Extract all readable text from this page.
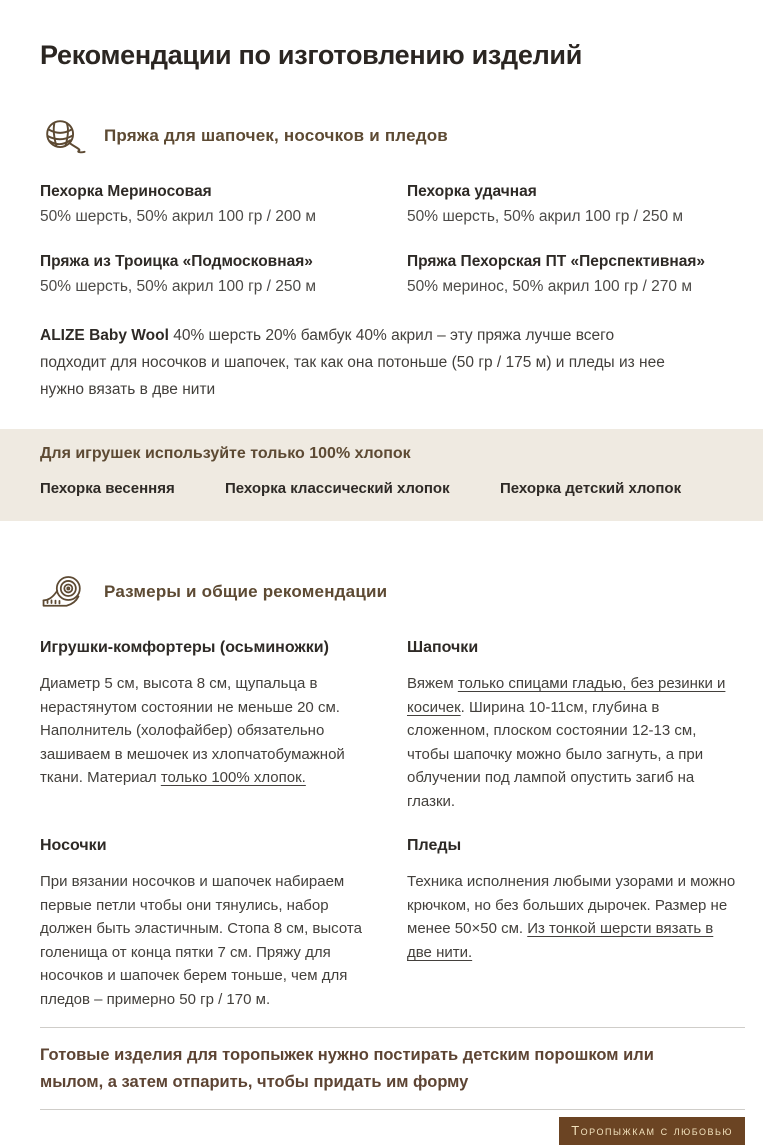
Рекомендации по изготовлению изделий
Пряжа для шапочек, носочков и пледов
Пехорка Мериносовая
50% шерсть, 50% акрил 100 гр / 200 м
Пехорка удачная
50% шерсть, 50% акрил 100 гр / 250 м
Пряжа из Троицка «Подмосковная»
50% шерсть, 50% акрил 100 гр / 250 м
Пряжа Пехорская ПТ «Перспективная»
50% меринос, 50% акрил 100 гр / 270 м

ALIZE Baby Wool 40% шерсть 20% бамбук 40% акрил – эту пряжа лучше всего подходит для носочков и шапочек, так как она потоньше (50 гр / 175 м) и пледы из нее нужно вязать в две нити

Для игрушек используйте только 100% хлопок
Пехорка весенняя	Пехорка классический хлопок	Пехорка детский хлопок
Размеры и общие рекомендации
Игрушки-комфортеры (осьминожки)

Диаметр 5 см, высота 8 см, щупальца в нерастянутом состоянии не меньше 20 см. Наполнитель (холофайбер) обязательно зашиваем в мешочек из хлопчатобумажной ткани. Материал только 100% хлопок.

Шапочки

Вяжем только спицами гладью, без резинки и косичек. Ширина 10-11см, глубина в сложенном, плоском состоянии 12-13 см, чтобы шапочку можно было загнуть, а при облучении под лампой опустить загиб на глазки.

Носочки

При вязании носочков и шапочек набираем первые петли чтобы они тянулись, набор должен быть эластичным. Стопа 8 см, высота голенища от конца пятки 7 см. Пряжу для носочков и шапочек берем тоньше, чем для пледов – примерно 50 гр / 170 м.

Пледы

Техника исполнения любыми узорами и можно крючком, но без больших дырочек. Размер не менее 50×50 см. Из тонкой шерсти вязать в две нити.

Готовые изделия для торопыжек нужно постирать детским порошком или мылом, а затем отпарить, чтобы придать им форму
Торопыжкам с любовью
